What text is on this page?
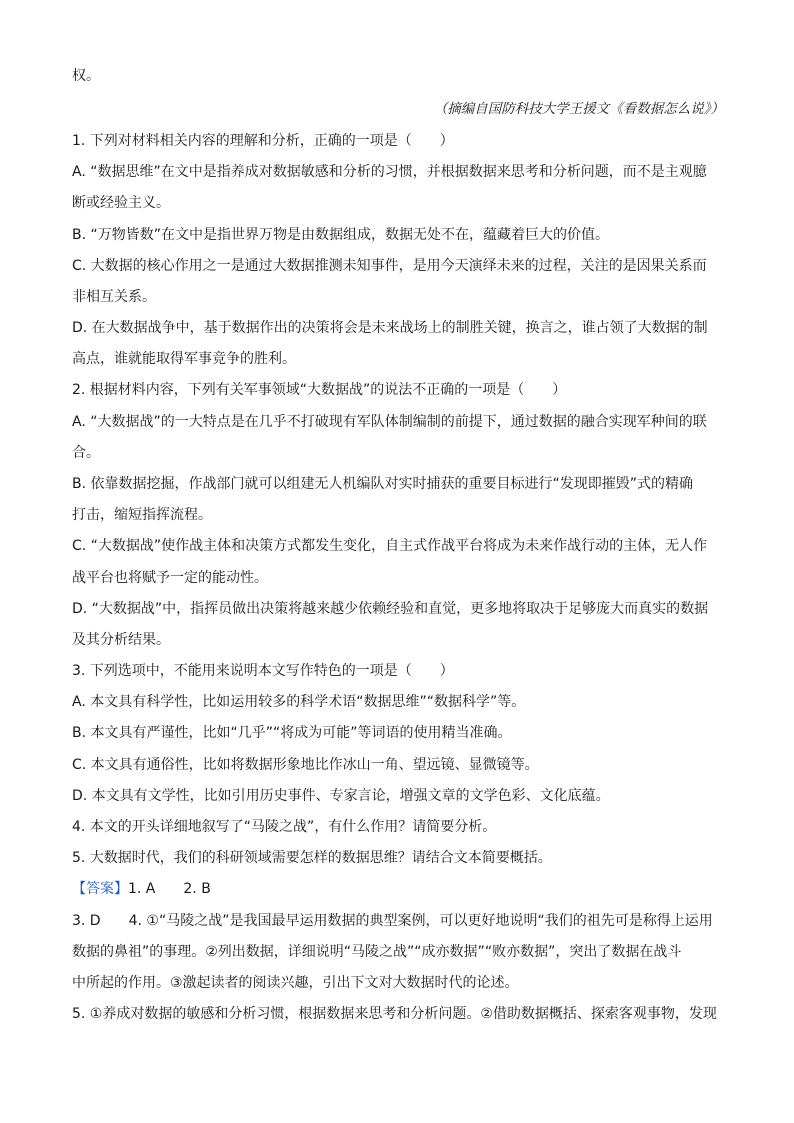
权。
（摘编自国防科技大学王援文《看数据怎么说》）
1. 下列对材料相关内容的理解和分析，正确的一项是（　　）
A. “数据思维”在文中是指养成对数据敏感和分析的习惯，并根据数据来思考和分析问题，而不是主观臆
断或经验主义。
B. “万物皆数”在文中是指世界万物是由数据组成，数据无处不在，蕴藏着巨大的价值。
C. 大数据的核心作用之一是通过大数据推测未知事件，是用今天演绎未来的过程，关注的是因果关系而
非相互关系。
D. 在大数据战争中，基于数据作出的决策将会是未来战场上的制胜关键，换言之，谁占领了大数据的制
高点，谁就能取得军事竞争的胜利。
2. 根据材料内容，下列有关军事领域“大数据战”的说法不正确的一项是（　　）
A. “大数据战”的一大特点是在几乎不打破现有军队体制编制的前提下，通过数据的融合实现军种间的联
合。
B. 依靠数据挖掘，作战部门就可以组建无人机编队对实时捕获的重要目标进行“发现即摧毁”式的精确
打击，缩短指挥流程。
C. “大数据战”使作战主体和决策方式都发生变化，自主式作战平台将成为未来作战行动的主体，无人作
战平台也将赋予一定的能动性。
D. “大数据战”中，指挥员做出决策将越来越少依赖经验和直觉，更多地将取决于足够庞大而真实的数据
及其分析结果。
3. 下列选项中，不能用来说明本文写作特色的一项是（　　）
A. 本文具有科学性，比如运用较多的科学术语“数据思维”“数据科学”等。
B. 本文具有严谨性，比如“几乎”“将成为可能”等词语的使用精当准确。
C. 本文具有通俗性，比如将数据形象地比作冰山一角、望远镜、显微镜等。
D. 本文具有文学性，比如引用历史事件、专家言论，增强文章的文学色彩、文化底蕴。
4. 本文的开头详细地叙写了“马陵之战”，有什么作用？请简要分析。
5. 大数据时代，我们的科研领域需要怎样的数据思维？请结合文本简要概括。
【答案】1. A　　2. B
3. D　　4. ①“马陵之战”是我国最早运用数据的典型案例，可以更好地说明“我们的祖先可是称得上运用
数据的鼻祖”的事理。②列出数据，详细说明“马陵之战”“成亦数据”“败亦数据”，突出了数据在战斗
中所起的作用。③激起读者的阅读兴趣，引出下文对大数据时代的论述。
5. ①养成对数据的敏感和分析习惯，根据数据来思考和分析问题。②借助数据概括、探索客观事物，发现
